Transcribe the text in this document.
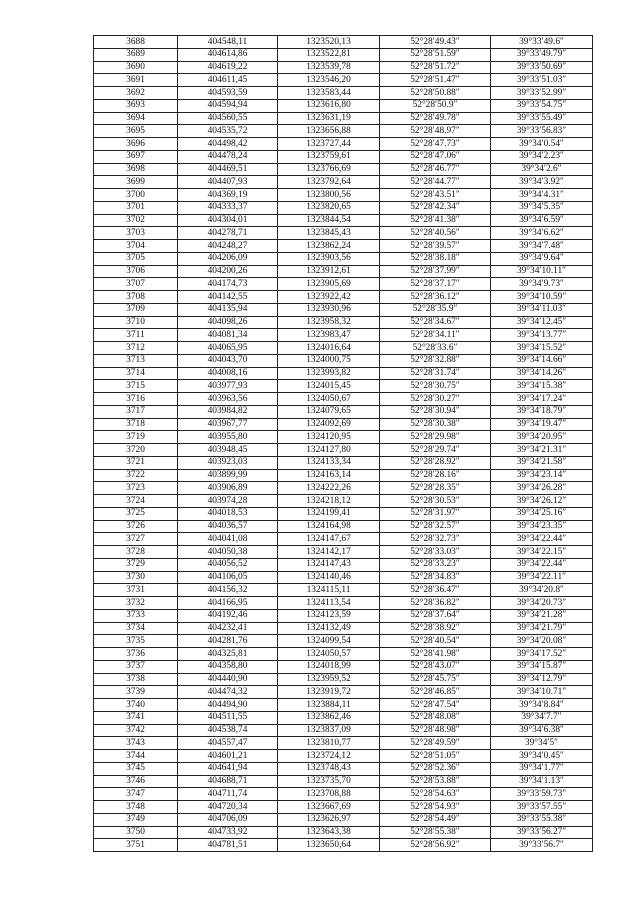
3688	404548,11	1323520,13	52°28′49.43″	39°33′49.6″
3689	404614,86	1323522,81	52°28′51.59″	39°33′49.79″
3690	404619,22	1323539,78	52°28′51.72″	39°33′50.69″
3691	404611,45	1323546,20	52°28′51.47″	39°33′51.03″
3692	404593,59	1323583,44	52°28′50.88″	39°33′52.99″
3693	404594,94	1323616,80	52°28′50.9″	39°33′54.75″
3694	404560,55	1323631,19	52°28′49.78″	39°33′55.49″
3695	404535,72	1323656,88	52°28′48.97″	39°33′56.83″
3696	404498,42	1323727,44	52°28′47.73″	39°34′0.54″
3697	404478,24	1323759,61	52°28′47.06″	39°34′2.23″
3698	404469,51	1323766,69	52°28′46.77″	39°34′2.6″
3699	404407,93	1323792,64	52°28′44.77″	39°34′3.92″
3700	404369,19	1323800,56	52°28′43.51″	39°34′4.31″
3701	404333,37	1323820,65	52°28′42.34″	39°34′5.35″
3702	404304,01	1323844,54	52°28′41.38″	39°34′6.59″
3703	404278,71	1323845,43	52°28′40.56″	39°34′6.62″
3704	404248,27	1323862,24	52°28′39.57″	39°34′7.48″
3705	404206,09	1323903,56	52°28′38.18″	39°34′9.64″
3706	404200,26	1323912,61	52°28′37.99″	39°34′10.11″
3707	404174,73	1323905,69	52°28′37.17″	39°34′9.73″
3708	404142,55	1323922,42	52°28′36.12″	39°34′10.59″
3709	404135,94	1323930,96	52°28′35.9″	39°34′11.03″
3710	404098,26	1323958,32	52°28′34.67″	39°34′12.45″
3711	404081,34	1323983,47	52°28′34.11″	39°34′13.77″
3712	404065,95	1324016,64	52°28′33.6″	39°34′15.52″
3713	404043,70	1324000,75	52°28′32.88″	39°34′14.66″
3714	404008,16	1323993,82	52°28′31.74″	39°34′14.26″
3715	403977,93	1324015,45	52°28′30.75″	39°34′15.38″
3716	403963,56	1324050,67	52°28′30.27″	39°34′17.24″
3717	403984,82	1324079,65	52°28′30.94″	39°34′18.79″
3718	403967,77	1324092,69	52°28′30.38″	39°34′19.47″
3719	403955,80	1324120,95	52°28′29.98″	39°34′20.95″
3720	403948,45	1324127,80	52°28′29.74″	39°34′21.31″
3721	403923,03	1324133,34	52°28′28.92″	39°34′21.58″
3722	403899,99	1324163,14	52°28′28.16″	39°34′23.14″
3723	403906,89	1324222,26	52°28′28.35″	39°34′26.28″
3724	403974,28	1324218,12	52°28′30.53″	39°34′26.12″
3725	404018,53	1324199,41	52°28′31.97″	39°34′25.16″
3726	404036,57	1324164,98	52°28′32.57″	39°34′23.35″
3727	404041,08	1324147,67	52°28′32.73″	39°34′22.44″
3728	404050,38	1324142,17	52°28′33.03″	39°34′22.15″
3729	404056,52	1324147,43	52°28′33.23″	39°34′22.44″
3730	404106,05	1324140,46	52°28′34.83″	39°34′22.11″
3731	404156,32	1324115,11	52°28′36.47″	39°34′20.8″
3732	404166,95	1324113,54	52°28′36.82″	39°34′20.73″
3733	404192,46	1324123,59	52°28′37.64″	39°34′21.28″
3734	404232,41	1324132,49	52°28′38.92″	39°34′21.79″
3735	404281,76	1324099,54	52°28′40.54″	39°34′20.08″
3736	404325,81	1324050,57	52°28′41.98″	39°34′17.52″
3737	404358,80	1324018,99	52°28′43.07″	39°34′15.87″
3738	404440,90	1323959,52	52°28′45.75″	39°34′12.79″
3739	404474,32	1323919,72	52°28′46.85″	39°34′10.71″
3740	404494,90	1323884,11	52°28′47.54″	39°34′8.84″
3741	404511,55	1323862,46	52°28′48.08″	39°34′7.7″
3742	404538,74	1323837,09	52°28′48.98″	39°34′6.38″
3743	404557,47	1323810,77	52°28′49.59″	39°34′5″
3744	404601,21	1323724,12	52°28′51.05″	39°34′0.45″
3745	404641,94	1323748,43	52°28′52.36″	39°34′1.77″
3746	404688,71	1323735,70	52°28′53.88″	39°34′1.13″
3747	404711,74	1323708,88	52°28′54.63″	39°33′59.73″
3748	404720,34	1323667,69	52°28′54.93″	39°33′57.55″
3749	404706,09	1323626,97	52°28′54.49″	39°33′55.38″
3750	404733,92	1323643,38	52°28′55.38″	39°33′56.27″
3751	404781,51	1323650,64	52°28′56.92″	39°33′56.7″
